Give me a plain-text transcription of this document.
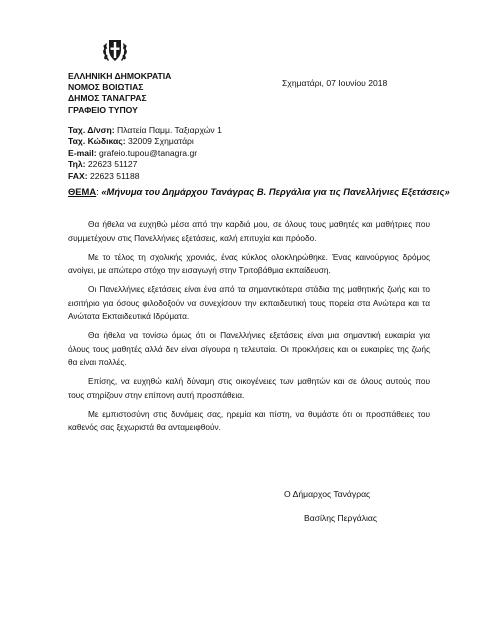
ΕΛΛΗΝΙΚΗ ΔΗΜΟΚΡΑΤΙΑ
ΝΟΜΟΣ ΒΟΙΩΤΙΑΣ
ΔΗΜΟΣ ΤΑΝΑΓΡΑΣ
ΓΡΑΦΕΙΟ ΤΥΠΟΥ
Σχηματάρι, 07 Ιουνίου 2018
Ταχ. Δ/νση: Πλατεία Παμμ. Ταξιαρχών 1
Ταχ. Κώδικας: 32009 Σχηματάρι
E-mail: grafeio.tupou@tanagra.gr
Τηλ: 22623 51127
FAX: 22623 51188
ΘΕΜΑ: «Μήνυμα του Δημάρχου Τανάγρας Β. Περγάλια για τις Πανελλήνιες Εξετάσεις»

Θα ήθελα να ευχηθώ μέσα από την καρδιά μου, σε όλους τους μαθητές και μαθήτριες που συμμετέχουν στις Πανελλήνιες εξετάσεις, καλή επιτυχία και πρόοδο.

Με το τέλος τη σχολικής χρονιάς, ένας κύκλος ολοκληρώθηκε. Ένας καινούργιος δρόμος ανοίγει, με απώτερο στόχο την εισαγωγή στην Τριτοβάθμια εκπαίδευση.

Οι Πανελλήνιες εξετάσεις είναι ένα από τα σημαντικότερα στάδια της μαθητικής ζωής και το εισιτήριο για όσους φιλοδοξούν να συνεχίσουν την εκπαιδευτική τους πορεία στα Ανώτερα και τα Ανώτατα Εκπαιδευτικά Ιδρύματα.

Θα ήθελα να τονίσω όμως ότι οι Πανελλήνιες εξετάσεις είναι μια σημαντική ευκαιρία για όλους τους μαθητές αλλά δεν είναι σίγουρα η τελευταία. Οι προκλήσεις και οι ευκαιρίες της ζωής θα είναι πολλές.

Επίσης, να ευχηθώ καλή δύναμη στις οικογένειες των μαθητών και σε όλους αυτούς που τους στηρίζουν στην επίπονη αυτή προσπάθεια.

Με εμπιστοσύνη στις δυνάμεις σας, ηρεμία και πίστη, να θυμάστε ότι οι προσπάθειες του καθενός σας ξεχωριστά θα ανταμειφθούν.

Ο Δήμαρχος Τανάγρας
Βασίλης Περγάλιας
